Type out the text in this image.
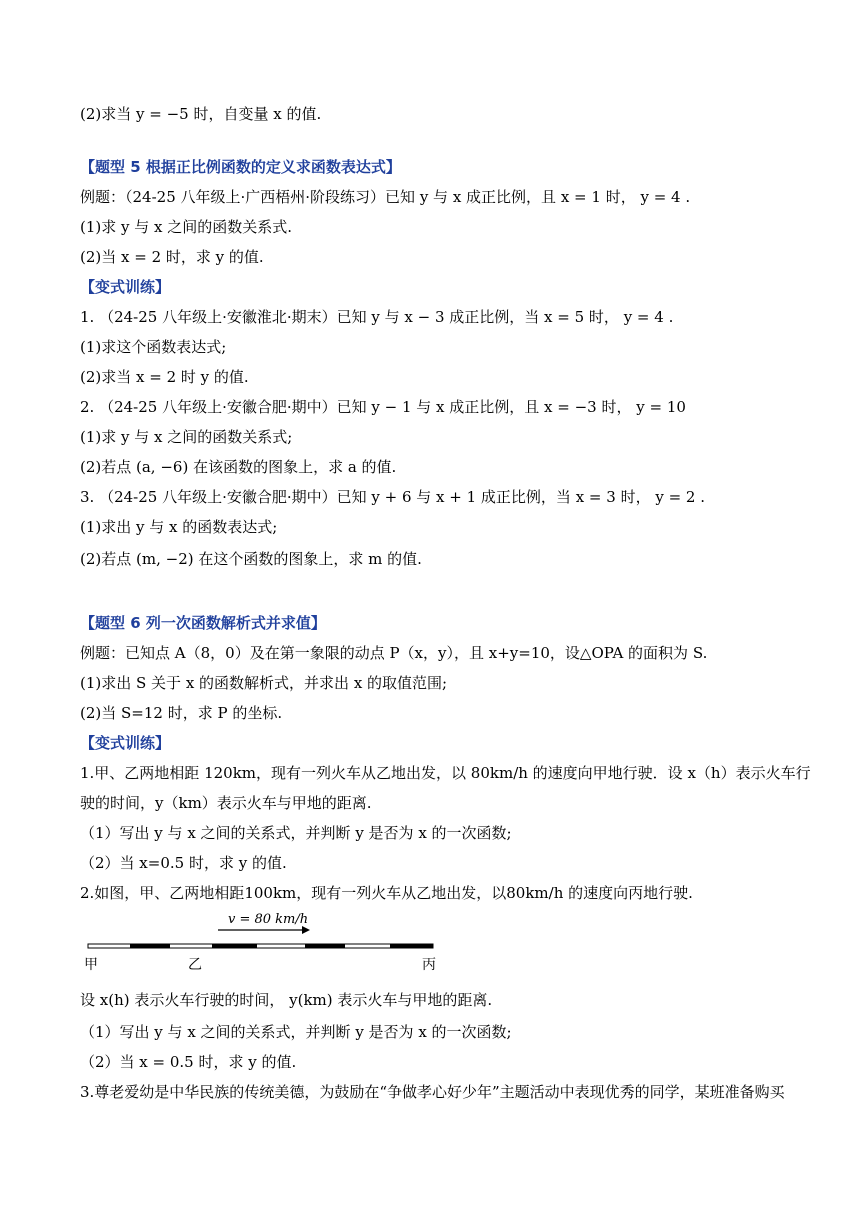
(2)求当 y = −5 时，自变量 x 的值.
【题型 5 根据正比例函数的定义求函数表达式】
例题：（24-25 八年级上·广西梧州·阶段练习）已知 y 与 x 成正比例，且 x = 1 时， y = 4 .
(1)求 y 与 x 之间的函数关系式.
(2)当 x = 2 时，求 y 的值.
【变式训练】
1. （24-25 八年级上·安徽淮北·期末）已知 y 与 x − 3 成正比例，当 x = 5 时， y = 4 .
(1)求这个函数表达式;
(2)求当 x = 2 时 y 的值.
2. （24-25 八年级上·安徽合肥·期中）已知 y − 1 与 x 成正比例，且 x = −3 时， y = 10
(1)求 y 与 x 之间的函数关系式;
(2)若点 (a, −6) 在该函数的图象上，求 a 的值.
3. （24-25 八年级上·安徽合肥·期中）已知 y + 6 与 x + 1 成正比例，当 x = 3 时， y = 2 .
(1)求出 y 与 x 的函数表达式;
(2)若点 (m, −2) 在这个函数的图象上，求 m 的值.
【题型 6 列一次函数解析式并求值】
例题：已知点 A（8，0）及在第一象限的动点 P（x，y），且 x+y=10，设△OPA 的面积为 S.
(1)求出 S 关于 x 的函数解析式，并求出 x 的取值范围;
(2)当 S=12 时，求 P 的坐标.
【变式训练】
1.甲、乙两地相距 120km，现有一列火车从乙地出发，以 80km/h 的速度向甲地行驶．设 x（h）表示火车行
驶的时间，y（km）表示火车与甲地的距离.
（1）写出 y 与 x 之间的关系式，并判断 y 是否为 x 的一次函数;
（2）当 x=0.5 时，求 y 的值.
2.如图，甲、乙两地相距100km，现有一列火车从乙地出发，以80km/h 的速度向丙地行驶.
v = 80 km/h
甲	乙	丙
设 x(h) 表示火车行驶的时间， y(km) 表示火车与甲地的距离.
（1）写出 y 与 x 之间的关系式，并判断 y 是否为 x 的一次函数;
（2）当 x = 0.5 时，求 y 的值.
3.尊老爱幼是中华民族的传统美德，为鼓励在“争做孝心好少年”主题活动中表现优秀的同学，某班准备购买
